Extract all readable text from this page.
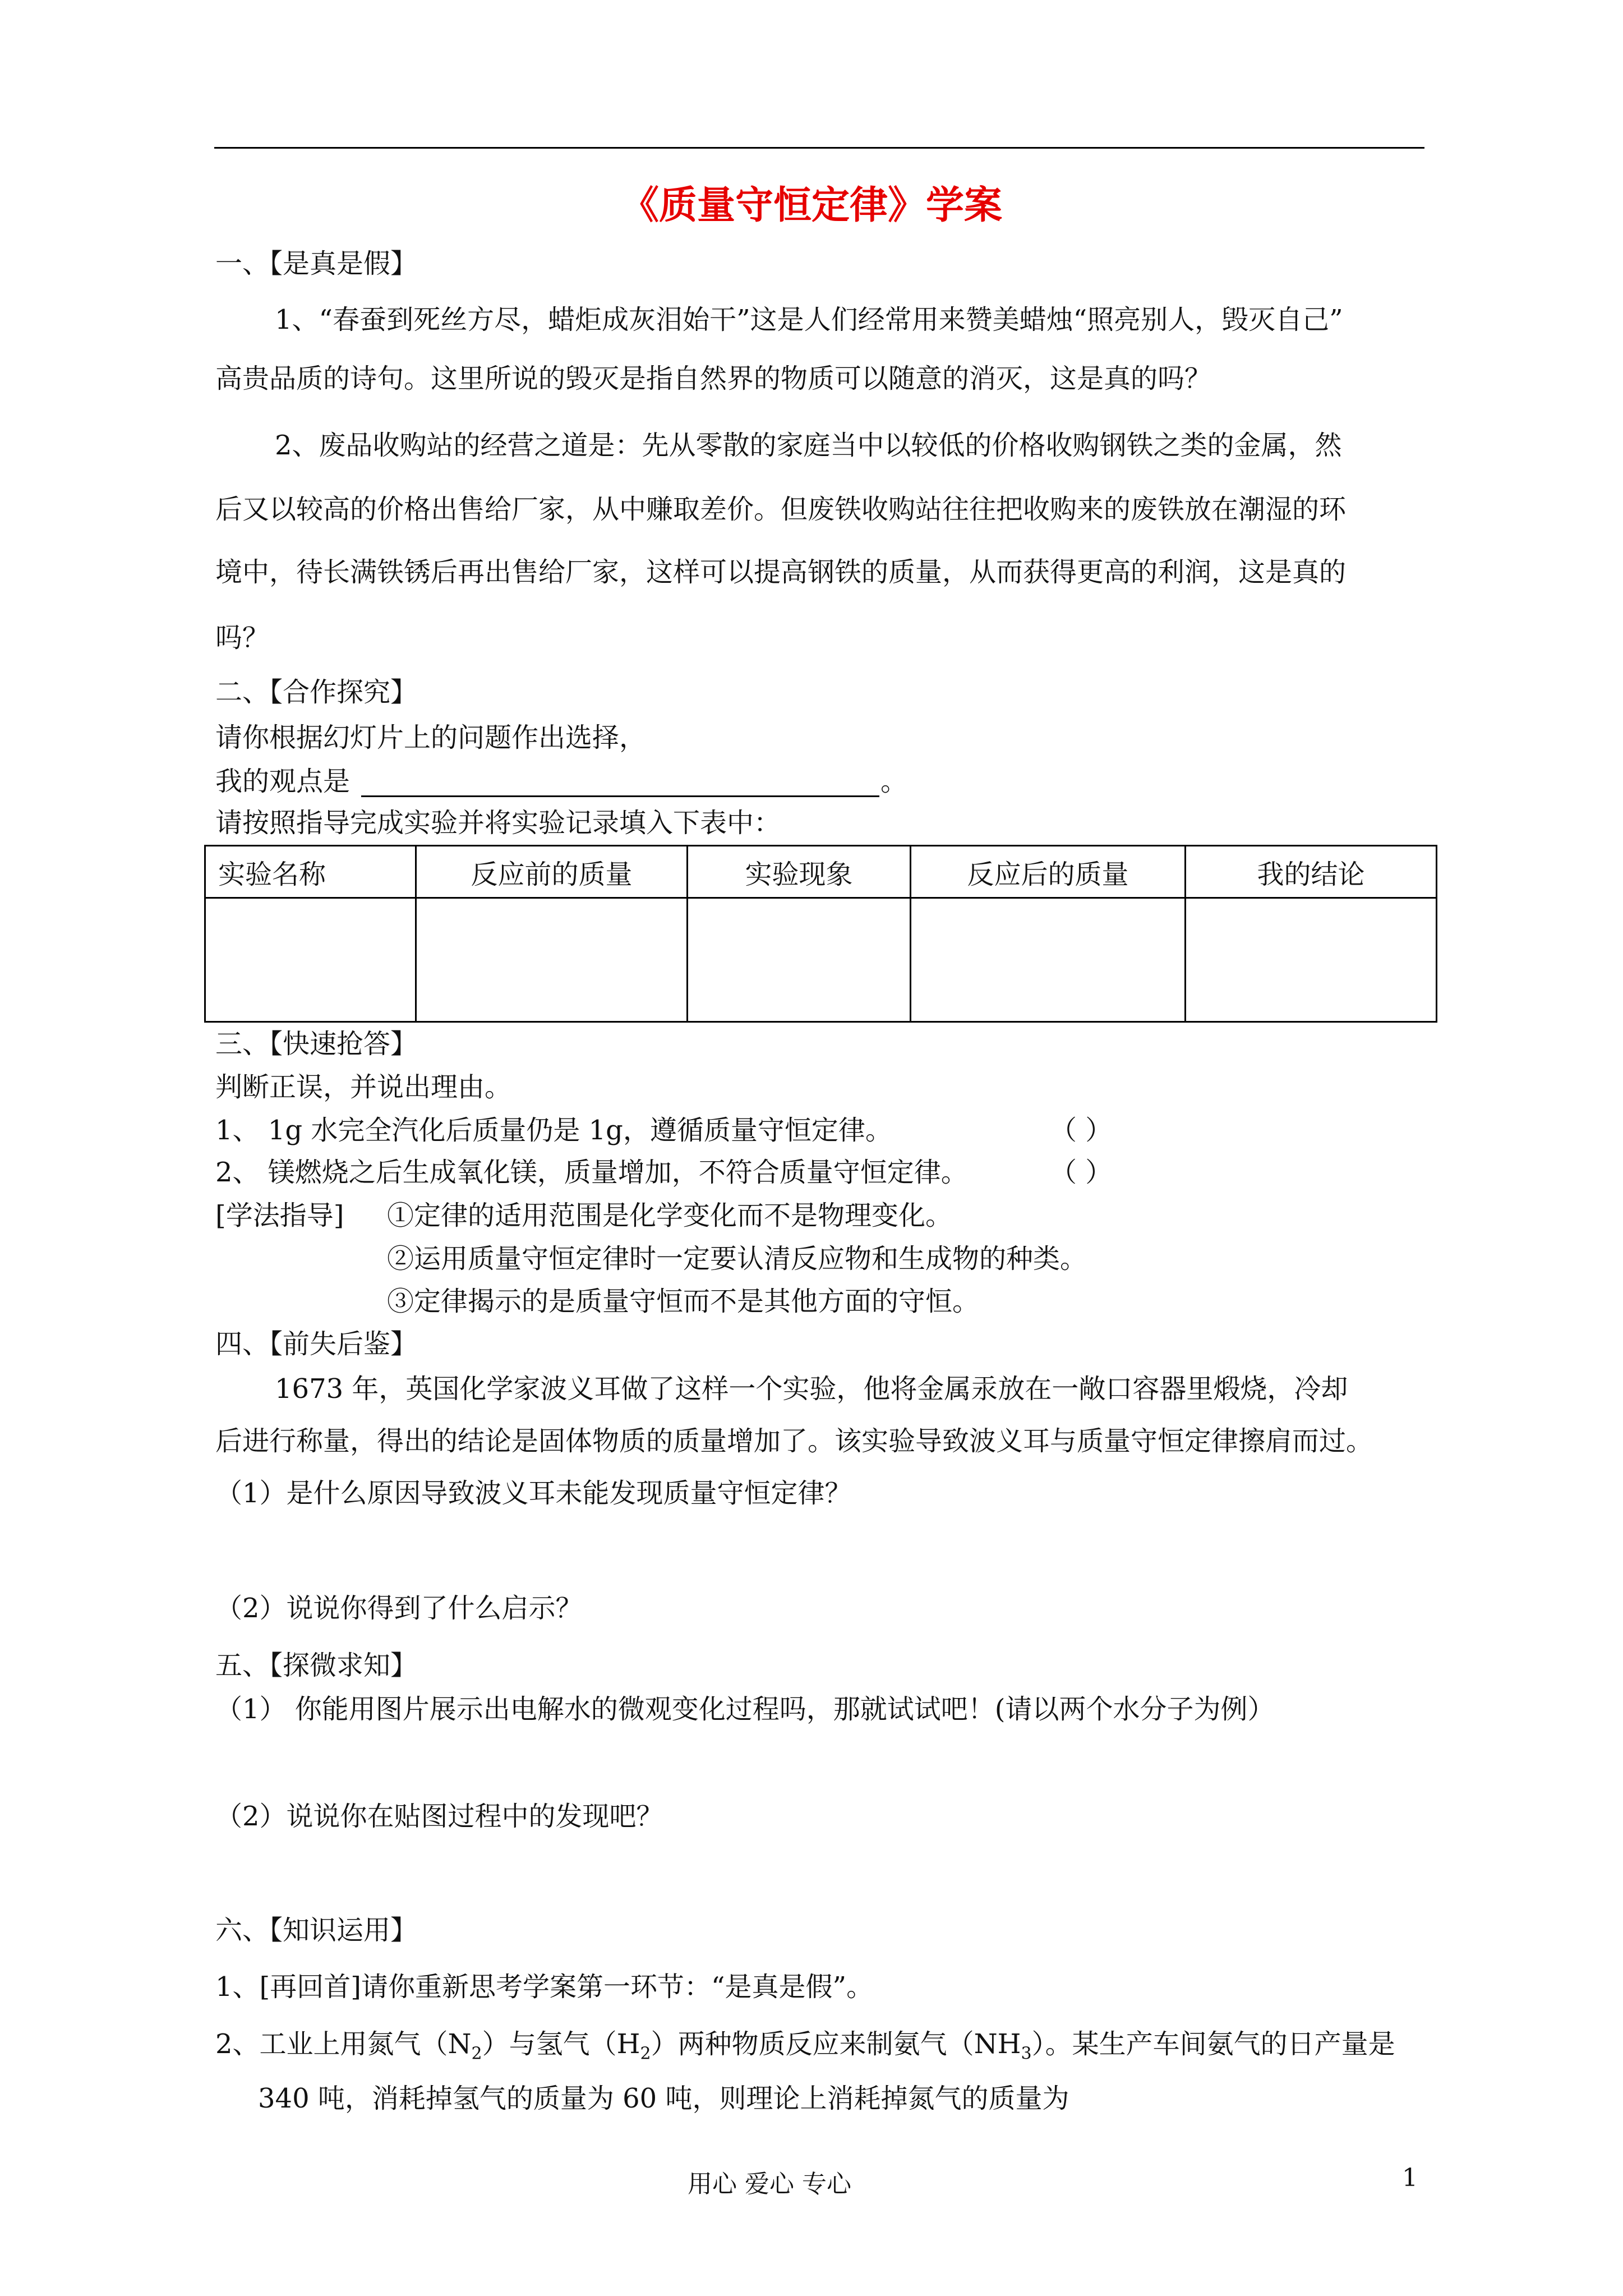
《质量守恒定律》学案
一、【是真是假】
1、“春蚕到死丝方尽，蜡炬成灰泪始干”这是人们经常用来赞美蜡烛“照亮别人，毁灭自己”
高贵品质的诗句。这里所说的毁灭是指自然界的物质可以随意的消灭，这是真的吗？
2、废品收购站的经营之道是：先从零散的家庭当中以较低的价格收购钢铁之类的金属，然
后又以较高的价格出售给厂家，从中赚取差价。但废铁收购站往往把收购来的废铁放在潮湿的环
境中，待长满铁锈后再出售给厂家，这样可以提高钢铁的质量，从而获得更高的利润，这是真的
吗？
二、【合作探究】
请你根据幻灯片上的问题作出选择，
我的观点是	。
请按照指导完成实验并将实验记录填入下表中：
实验名称	反应前的质量	实验现象	反应后的质量	我的结论

三、【快速抢答】
判断正误，并说出理由。
1、 1g 水完全汽化后质量仍是 1g，遵循质量守恒定律。	（ ）
2、 镁燃烧之后生成氧化镁，质量增加，不符合质量守恒定律。	（ ）
[学法指导] ①定律的适用范围是化学变化而不是物理变化。
②运用质量守恒定律时一定要认清反应物和生成物的种类。
③定律揭示的是质量守恒而不是其他方面的守恒。
四、【前失后鉴】
1673 年，英国化学家波义耳做了这样一个实验，他将金属汞放在一敞口容器里煅烧，冷却
后进行称量，得出的结论是固体物质的质量增加了。该实验导致波义耳与质量守恒定律擦肩而过。
（1）是什么原因导致波义耳未能发现质量守恒定律？
（2）说说你得到了什么启示？
五、【探微求知】
（1） 你能用图片展示出电解水的微观变化过程吗，那就试试吧！(请以两个水分子为例）
（2）说说你在贴图过程中的发现吧？
六、【知识运用】
1、[再回首]请你重新思考学案第一环节：“是真是假”。
2、工业上用氮气$(N_2)$与氢气$(H_2)$两种物质反应来制氨气$(NH_3)$。某生产车间氨气的日产量是
340 吨，消耗掉氢气的质量为 60 吨，则理论上消耗掉氮气的质量为
用心 爱心 专心	1
